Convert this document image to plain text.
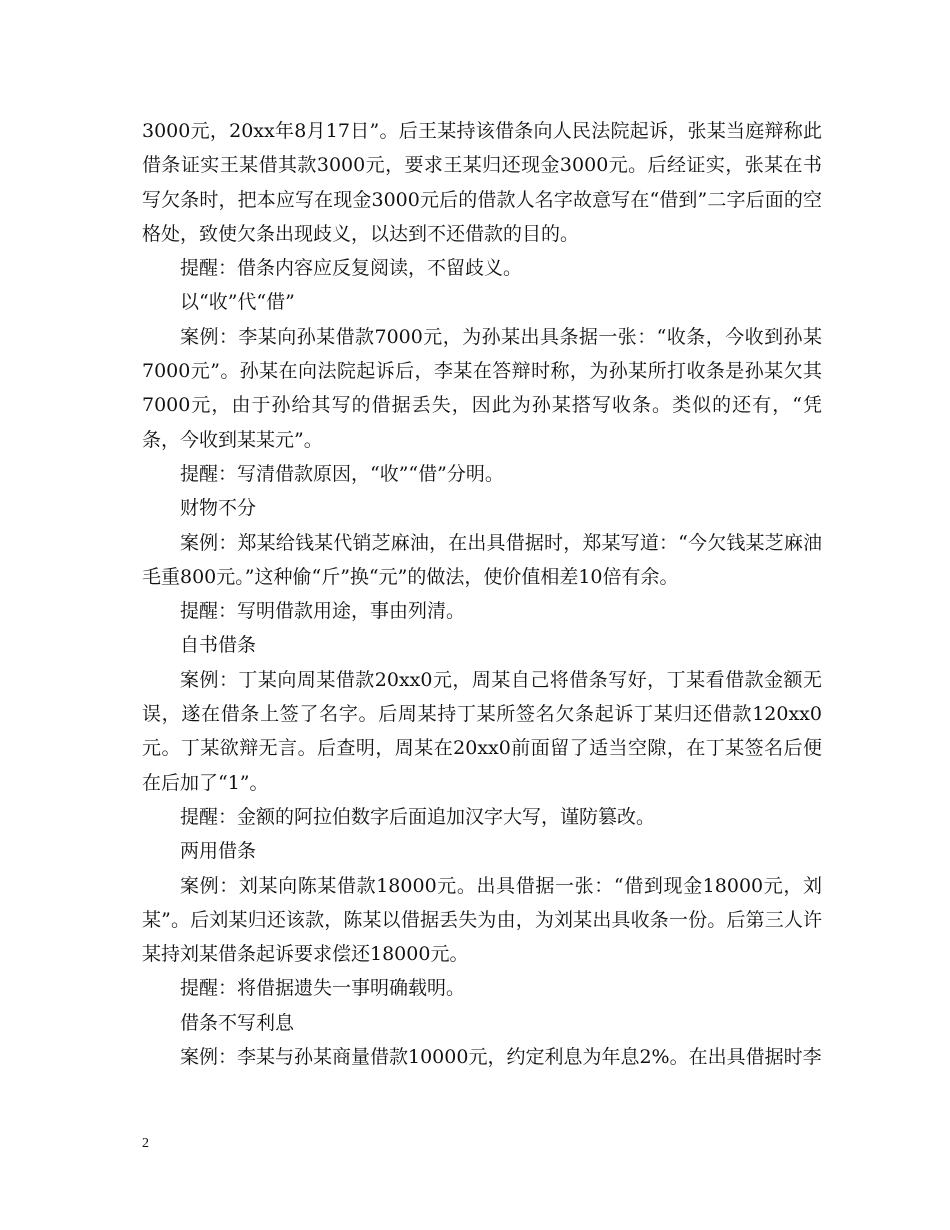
3000元，20xx年8月17日”。后王某持该借条向人民法院起诉，张某当庭辩称此借条证实王某借其款3000元，要求王某归还现金3000元。后经证实，张某在书写欠条时，把本应写在现金3000元后的借款人名字故意写在“借到”二字后面的空格处，致使欠条出现歧义，以达到不还借款的目的。

提醒：借条内容应反复阅读，不留歧义。

以“收”代“借”

案例：李某向孙某借款7000元，为孙某出具条据一张：“收条，今收到孙某7000元”。孙某在向法院起诉后，李某在答辩时称，为孙某所打收条是孙某欠其7000元，由于孙给其写的借据丢失，因此为孙某搭写收条。类似的还有，“凭条，今收到某某元”。

提醒：写清借款原因，“收”“借”分明。

财物不分

案例：郑某给钱某代销芝麻油，在出具借据时，郑某写道：“今欠钱某芝麻油毛重800元。”这种偷“斤”换“元”的做法，使价值相差10倍有余。

提醒：写明借款用途，事由列清。

自书借条

案例：丁某向周某借款20xx0元，周某自己将借条写好，丁某看借款金额无误，遂在借条上签了名字。后周某持丁某所签名欠条起诉丁某归还借款120xx0元。丁某欲辩无言。后查明，周某在20xx0前面留了适当空隙，在丁某签名后便在后加了“1”。

提醒：金额的阿拉伯数字后面追加汉字大写，谨防篡改。

两用借条

案例：刘某向陈某借款18000元。出具借据一张：“借到现金18000元，刘某”。后刘某归还该款，陈某以借据丢失为由，为刘某出具收条一份。后第三人许某持刘某借条起诉要求偿还18000元。

提醒：将借据遗失一事明确载明。

借条不写利息

案例：李某与孙某商量借款10000元，约定利息为年息2%。在出具借据时李

2
